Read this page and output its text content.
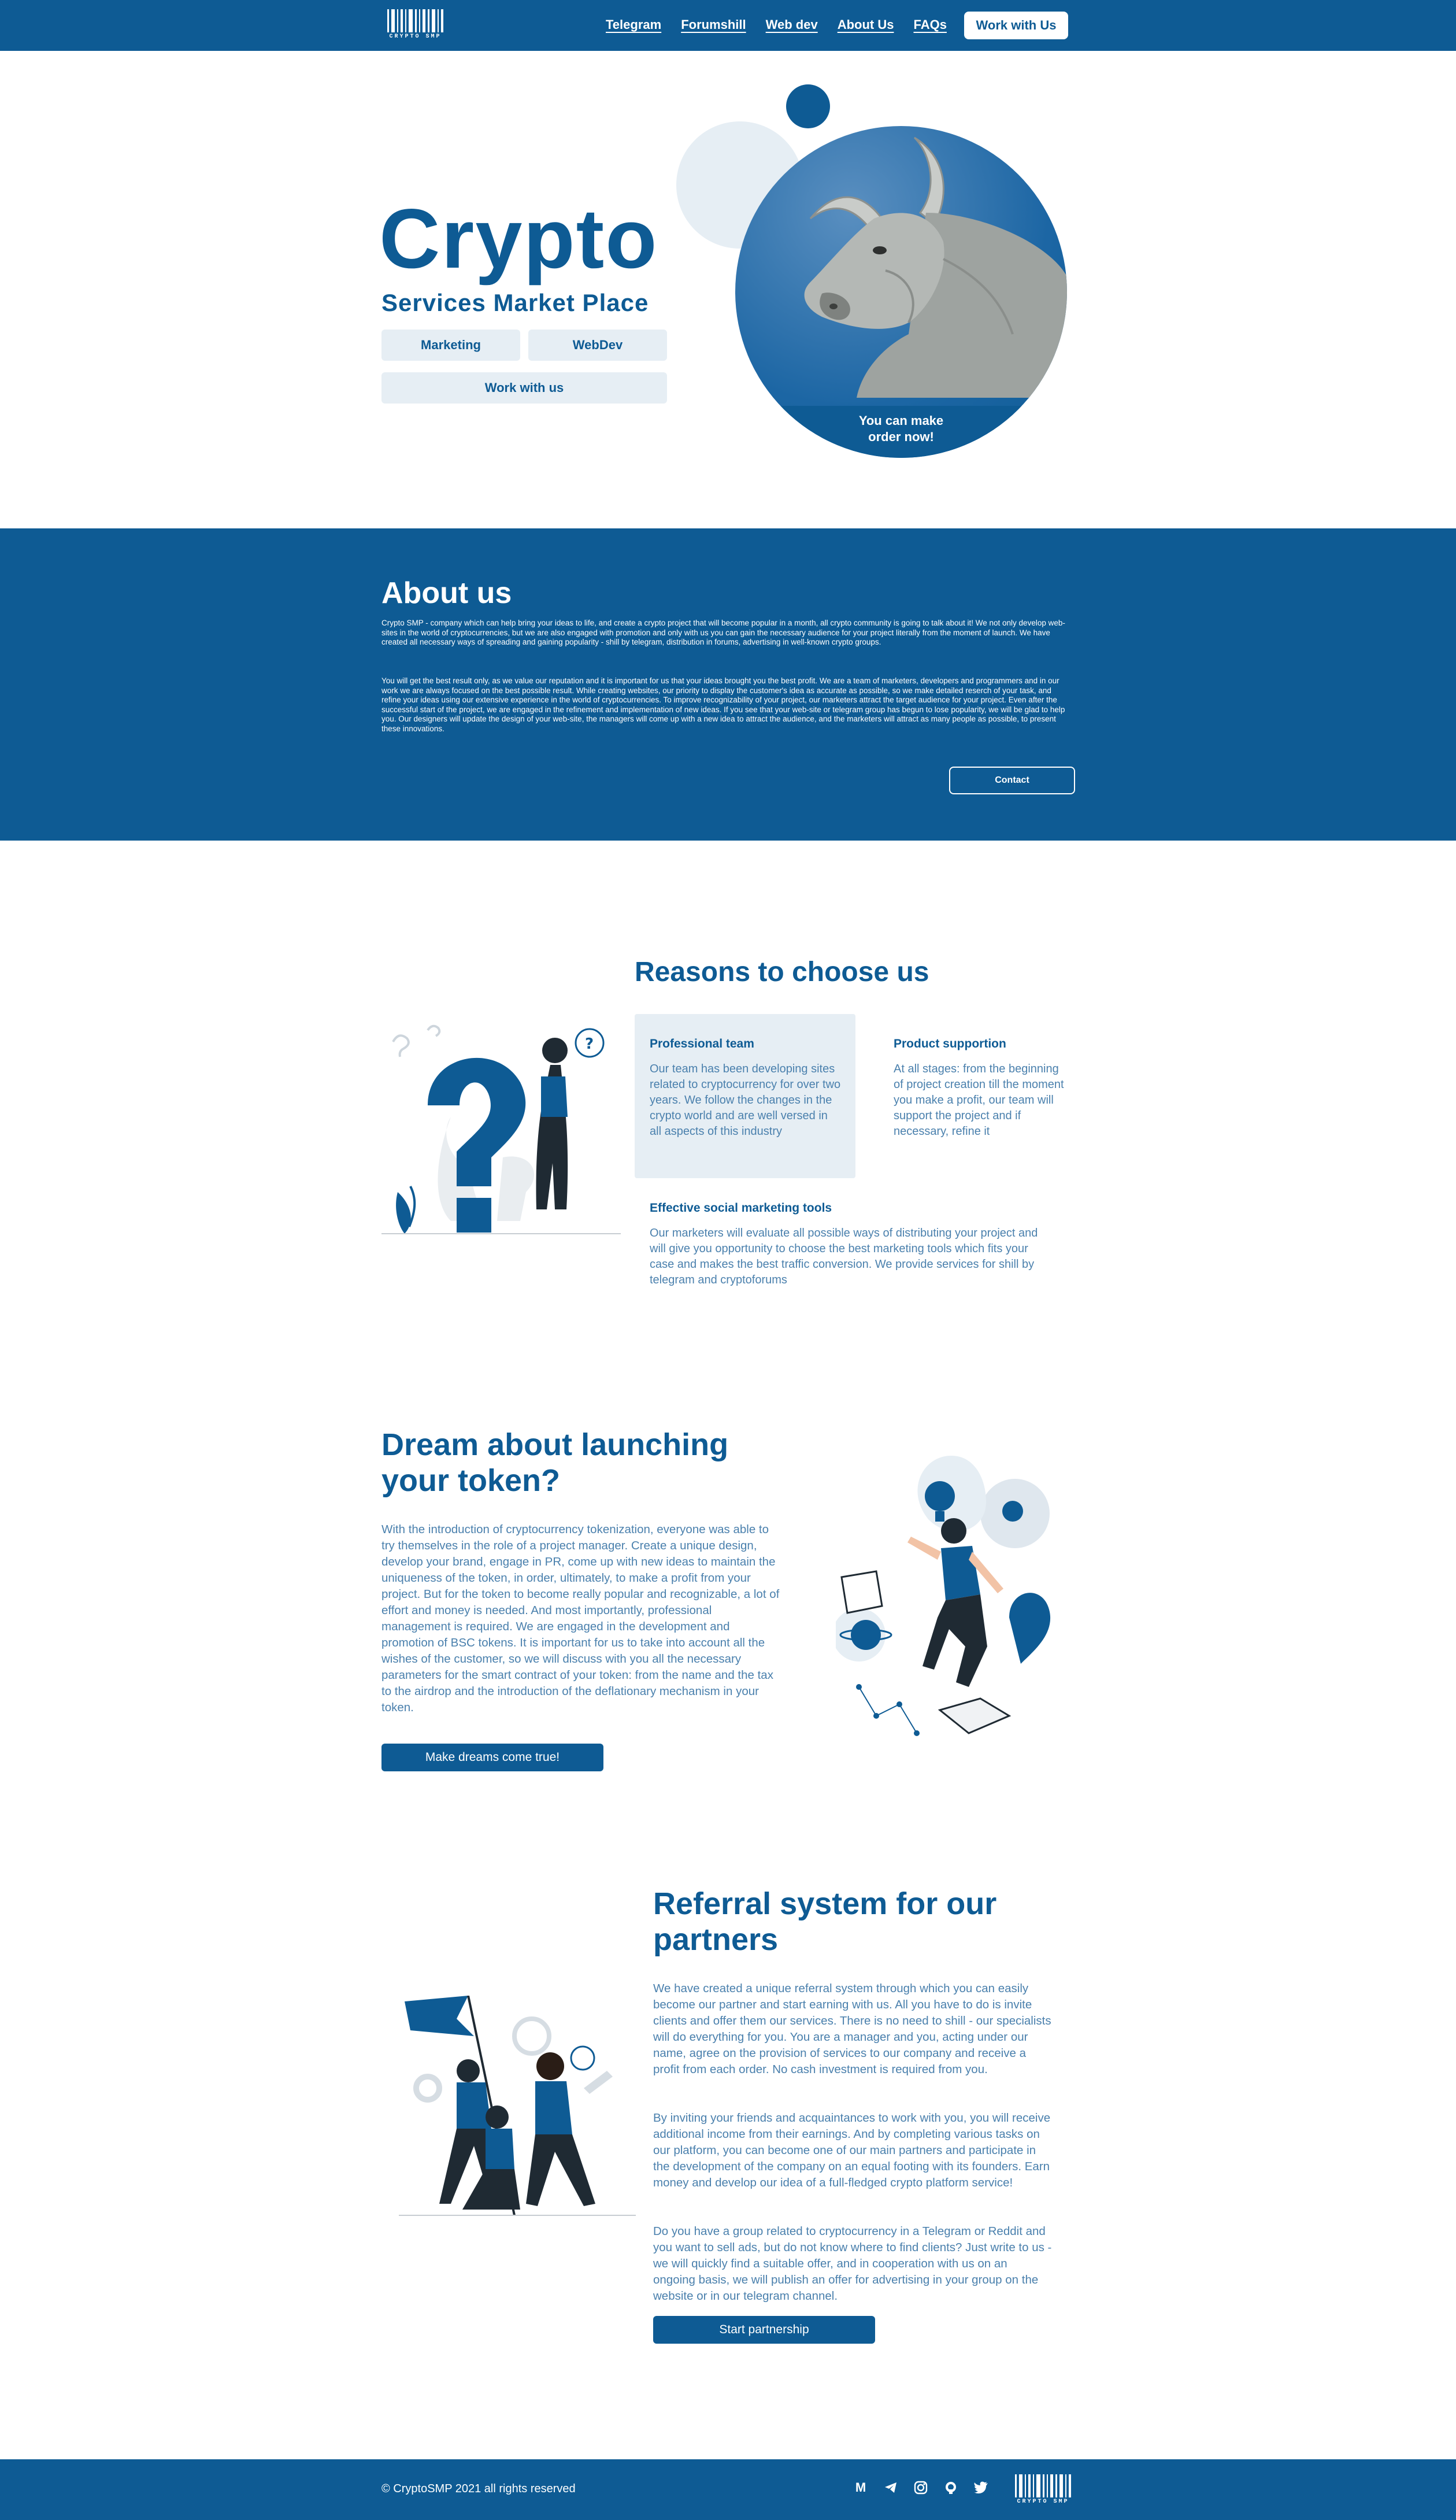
CRYPTO SMP
Telegram Forumshill Web dev About Us FAQs	Work with Us
Crypto
Services Market Place
Marketing	WebDev
Work with us
You can make
order now!
About us

Crypto SMP - company which can help bring your ideas to life, and create a crypto project that will become popular in a month, all crypto community is going to talk about it! We not only develop web-sites in the world of cryptocurrencies, but we are also engaged with promotion and only with us you can gain the necessary audience for your project literally from the moment of launch. We have created all necessary ways of spreading and gaining popularity - shill by telegram, distribution in forums, advertising in well-known crypto groups.

You will get the best result only, as we value our reputation and it is important for us that your ideas brought you the best profit. We are a team of marketers, developers and programmers and in our work we are always focused on the best possible result. While creating websites, our priority to display the customer's idea as accurate as possible, so we make detailed reserch of your task, and refine your ideas using our extensive experience in the world of cryptocurrencies. To improve recognizability of your project, our marketers attract the target audience for your project. Even after the successful start of the project, we are engaged in the refinement and implementation of new ideas. If you see that your web-site or telegram group has begun to lose popularity, we will be glad to help you. Our designers will update the design of your web-site, the managers will come up with a new idea to attract the audience, and the marketers will attract as many people as possible, to present these innovations.

Contact
?
Reasons to choose us
Professional team
Our team has been developing sites related to cryptocurrency for over two years. We follow the changes in the crypto world and are well versed in all aspects of this industry
Product supportion
At all stages: from the beginning of project creation till the moment you make a profit, our team will support the project and if necessary, refine it
Effective social marketing tools
Our marketers will evaluate all possible ways of distributing your project and will give you opportunity to choose the best marketing tools which fits your case and makes the best traffic conversion. We provide services for shill by telegram and cryptoforums
Dream about launching your token?

With the introduction of cryptocurrency tokenization, everyone was able to try themselves in the role of a project manager. Create a unique design, develop your brand, engage in PR, come up with new ideas to maintain the uniqueness of the token, in order, ultimately, to make a profit from your project. But for the token to become really popular and recognizable, a lot of effort and money is needed. And most importantly, professional management is required. We are engaged in the development and promotion of BSC tokens. It is important for us to take into account all the wishes of the customer, so we will discuss with you all the necessary parameters for the smart contract of your token: from the name and the tax to the airdrop and the introduction of the deflationary mechanism in your token.

Make dreams come true!
Referral system for our partners

We have created a unique referral system through which you can easily become our partner and start earning with us. All you have to do is invite clients and offer them our services. There is no need to shill - our specialists will do everything for you. You are a manager and you, acting under our name, agree on the provision of services to our company and receive a profit from each order. No cash investment is required from you.

By inviting your friends and acquaintances to work with you, you will receive additional income from their earnings. And by completing various tasks on our platform, you can become one of our main partners and participate in the development of the company on an equal footing with its founders. Earn money and develop our idea of a full-fledged crypto platform service!

Do you have a group related to cryptocurrency in a Telegram or Reddit and you want to sell ads, but do not know where to find clients? Just write to us - we will quickly find a suitable offer, and in cooperation with us on an ongoing basis, we will publish an offer for advertising in your group on the website or in our telegram channel.

Start partnership
© CryptoSMP 2021 all rights reserved	M
CRYPTO SMP
